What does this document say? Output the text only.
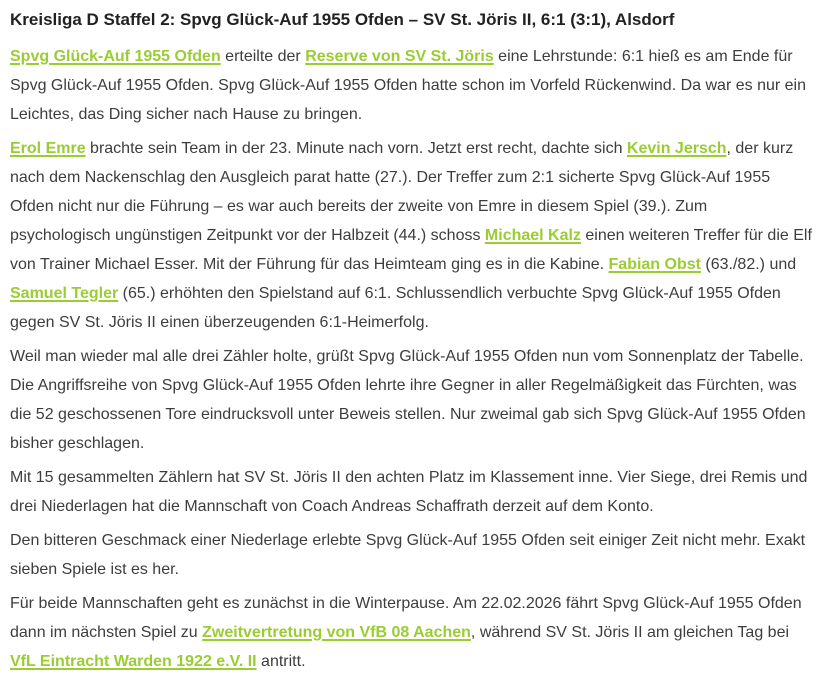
Kreisliga D Staffel 2: Spvg Glück-Auf 1955 Ofden – SV St. Jöris II, 6:1 (3:1), Alsdorf

Spvg Glück-Auf 1955 Ofden erteilte der Reserve von SV St. Jöris eine Lehrstunde: 6:1 hieß es am Ende für Spvg Glück-Auf 1955 Ofden. Spvg Glück-Auf 1955 Ofden hatte schon im Vorfeld Rückenwind. Da war es nur ein Leichtes, das Ding sicher nach Hause zu bringen.

Erol Emre brachte sein Team in der 23. Minute nach vorn. Jetzt erst recht, dachte sich Kevin Jersch, der kurz nach dem Nackenschlag den Ausgleich parat hatte (27.). Der Treffer zum 2:1 sicherte Spvg Glück-Auf 1955 Ofden nicht nur die Führung – es war auch bereits der zweite von Emre in diesem Spiel (39.). Zum psychologisch ungünstigen Zeitpunkt vor der Halbzeit (44.) schoss Michael Kalz einen weiteren Treffer für die Elf von Trainer Michael Esser. Mit der Führung für das Heimteam ging es in die Kabine. Fabian Obst (63./82.) und Samuel Tegler (65.) erhöhten den Spielstand auf 6:1. Schlussendlich verbuchte Spvg Glück-Auf 1955 Ofden gegen SV St. Jöris II einen überzeugenden 6:1-Heimerfolg.

Weil man wieder mal alle drei Zähler holte, grüßt Spvg Glück-Auf 1955 Ofden nun vom Sonnenplatz der Tabelle. Die Angriffsreihe von Spvg Glück-Auf 1955 Ofden lehrte ihre Gegner in aller Regelmäßigkeit das Fürchten, was die 52 geschossenen Tore eindrucksvoll unter Beweis stellen. Nur zweimal gab sich Spvg Glück-Auf 1955 Ofden bisher geschlagen.

Mit 15 gesammelten Zählern hat SV St. Jöris II den achten Platz im Klassement inne. Vier Siege, drei Remis und drei Niederlagen hat die Mannschaft von Coach Andreas Schaffrath derzeit auf dem Konto.

Den bitteren Geschmack einer Niederlage erlebte Spvg Glück-Auf 1955 Ofden seit einiger Zeit nicht mehr. Exakt sieben Spiele ist es her.

Für beide Mannschaften geht es zunächst in die Winterpause. Am 22.02.2026 fährt Spvg Glück-Auf 1955 Ofden dann im nächsten Spiel zu Zweitvertretung von VfB 08 Aachen, während SV St. Jöris II am gleichen Tag bei VfL Eintracht Warden 1922 e.V. II antritt.
